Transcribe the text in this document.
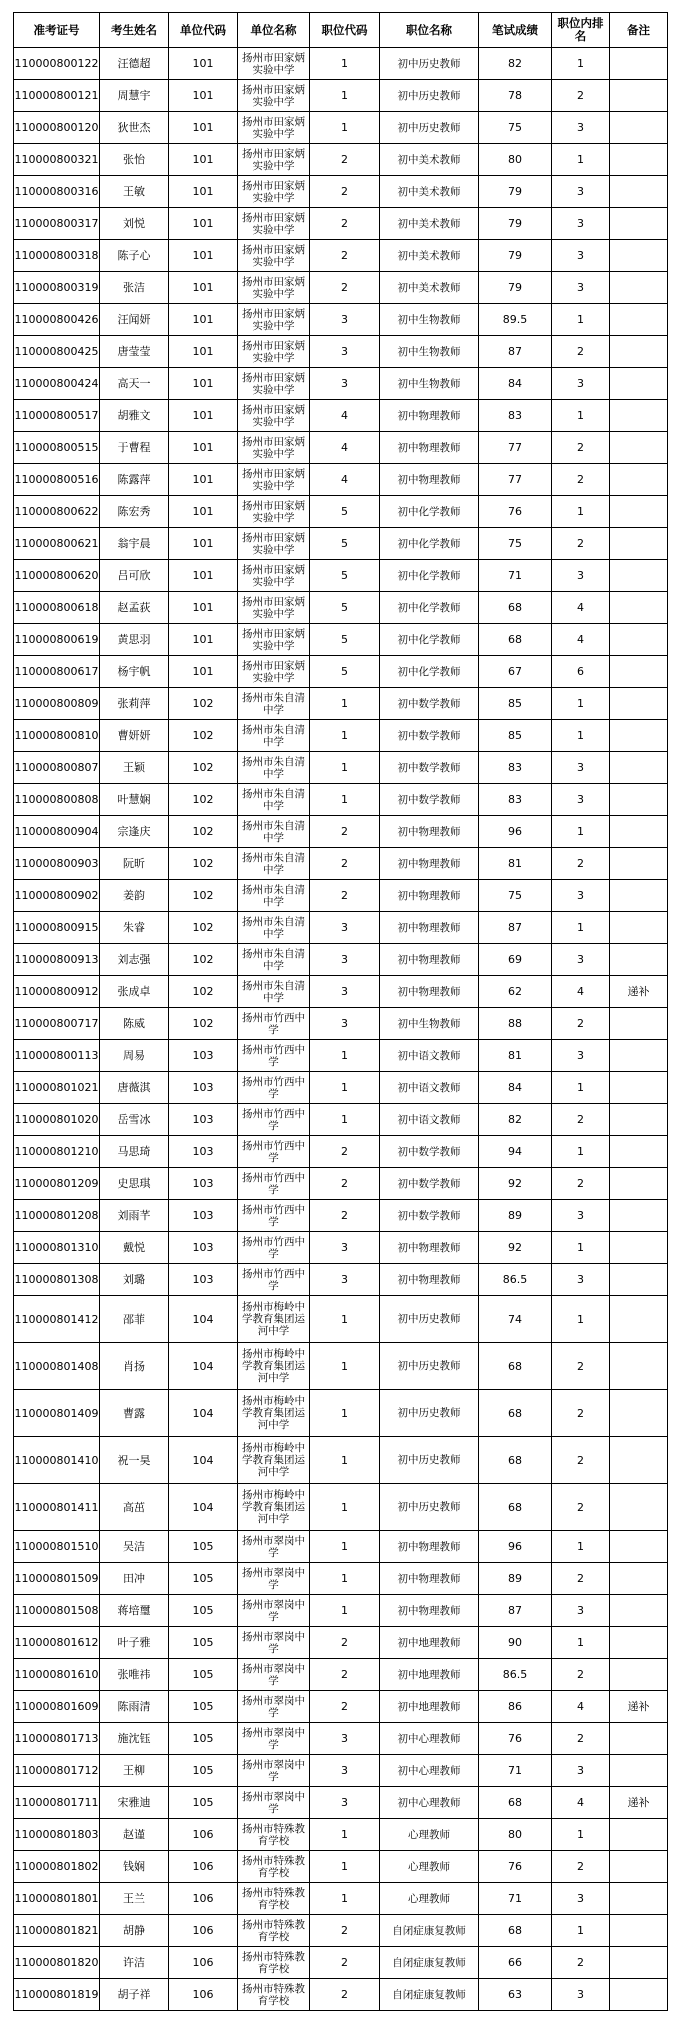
准考证号	考生姓名	单位代码	单位名称	职位代码	职位名称	笔试成绩	职位内排名	备注
110000800122	汪德超	101	扬州市田家炳实验中学	1	初中历史教师	82	1	
110000800121	周慧宇	101	扬州市田家炳实验中学	1	初中历史教师	78	2	
110000800120	狄世杰	101	扬州市田家炳实验中学	1	初中历史教师	75	3	
110000800321	张怡	101	扬州市田家炳实验中学	2	初中美术教师	80	1	
110000800316	王敏	101	扬州市田家炳实验中学	2	初中美术教师	79	3	
110000800317	刘悦	101	扬州市田家炳实验中学	2	初中美术教师	79	3	
110000800318	陈子心	101	扬州市田家炳实验中学	2	初中美术教师	79	3	
110000800319	张洁	101	扬州市田家炳实验中学	2	初中美术教师	79	3	
110000800426	汪闻妍	101	扬州市田家炳实验中学	3	初中生物教师	89.5	1	
110000800425	唐莹莹	101	扬州市田家炳实验中学	3	初中生物教师	87	2	
110000800424	高天一	101	扬州市田家炳实验中学	3	初中生物教师	84	3	
110000800517	胡雅文	101	扬州市田家炳实验中学	4	初中物理教师	83	1	
110000800515	于曹程	101	扬州市田家炳实验中学	4	初中物理教师	77	2	
110000800516	陈露萍	101	扬州市田家炳实验中学	4	初中物理教师	77	2	
110000800622	陈宏秀	101	扬州市田家炳实验中学	5	初中化学教师	76	1	
110000800621	翁宇晨	101	扬州市田家炳实验中学	5	初中化学教师	75	2	
110000800620	吕可欣	101	扬州市田家炳实验中学	5	初中化学教师	71	3	
110000800618	赵孟荻	101	扬州市田家炳实验中学	5	初中化学教师	68	4	
110000800619	黄思羽	101	扬州市田家炳实验中学	5	初中化学教师	68	4	
110000800617	杨宇帆	101	扬州市田家炳实验中学	5	初中化学教师	67	6	
110000800809	张莉萍	102	扬州市朱自清中学	1	初中数学教师	85	1	
110000800810	曹妍妍	102	扬州市朱自清中学	1	初中数学教师	85	1	
110000800807	王颖	102	扬州市朱自清中学	1	初中数学教师	83	3	
110000800808	叶慧娴	102	扬州市朱自清中学	1	初中数学教师	83	3	
110000800904	宗逢庆	102	扬州市朱自清中学	2	初中物理教师	96	1	
110000800903	阮昕	102	扬州市朱自清中学	2	初中物理教师	81	2	
110000800902	姜韵	102	扬州市朱自清中学	2	初中物理教师	75	3	
110000800915	朱睿	102	扬州市朱自清中学	3	初中物理教师	87	1	
110000800913	刘志强	102	扬州市朱自清中学	3	初中物理教师	69	3	
110000800912	张成卓	102	扬州市朱自清中学	3	初中物理教师	62	4	递补
110000800717	陈威	102	扬州市竹西中学	3	初中生物教师	88	2	
110000800113	周易	103	扬州市竹西中学	1	初中语文教师	81	3	
110000801021	唐薇淇	103	扬州市竹西中学	1	初中语文教师	84	1	
110000801020	岳雪冰	103	扬州市竹西中学	1	初中语文教师	82	2	
110000801210	马思琦	103	扬州市竹西中学	2	初中数学教师	94	1	
110000801209	史思琪	103	扬州市竹西中学	2	初中数学教师	92	2	
110000801208	刘雨芊	103	扬州市竹西中学	2	初中数学教师	89	3	
110000801310	戴悦	103	扬州市竹西中学	3	初中物理教师	92	1	
110000801308	刘璐	103	扬州市竹西中学	3	初中物理教师	86.5	3	
110000801412	邵菲	104	扬州市梅岭中学教育集团运河中学	1	初中历史教师	74	1	
110000801408	肖扬	104	扬州市梅岭中学教育集团运河中学	1	初中历史教师	68	2	
110000801409	曹露	104	扬州市梅岭中学教育集团运河中学	1	初中历史教师	68	2	
110000801410	祝一昊	104	扬州市梅岭中学教育集团运河中学	1	初中历史教师	68	2	
110000801411	高茁	104	扬州市梅岭中学教育集团运河中学	1	初中历史教师	68	2	
110000801510	吴洁	105	扬州市翠岗中学	1	初中物理教师	96	1	
110000801509	田冲	105	扬州市翠岗中学	1	初中物理教师	89	2	
110000801508	蒋培璽	105	扬州市翠岗中学	1	初中物理教师	87	3	
110000801612	叶子雅	105	扬州市翠岗中学	2	初中地理教师	90	1	
110000801610	张唯祎	105	扬州市翠岗中学	2	初中地理教师	86.5	2	
110000801609	陈雨清	105	扬州市翠岗中学	2	初中地理教师	86	4	递补
110000801713	施沈钰	105	扬州市翠岗中学	3	初中心理教师	76	2	
110000801712	王柳	105	扬州市翠岗中学	3	初中心理教师	71	3	
110000801711	宋雅迪	105	扬州市翠岗中学	3	初中心理教师	68	4	递补
110000801803	赵谨	106	扬州市特殊教育学校	1	心理教师	80	1	
110000801802	钱娴	106	扬州市特殊教育学校	1	心理教师	76	2	
110000801801	王兰	106	扬州市特殊教育学校	1	心理教师	71	3	
110000801821	胡静	106	扬州市特殊教育学校	2	自闭症康复教师	68	1	
110000801820	许洁	106	扬州市特殊教育学校	2	自闭症康复教师	66	2	
110000801819	胡子祥	106	扬州市特殊教育学校	2	自闭症康复教师	63	3	
